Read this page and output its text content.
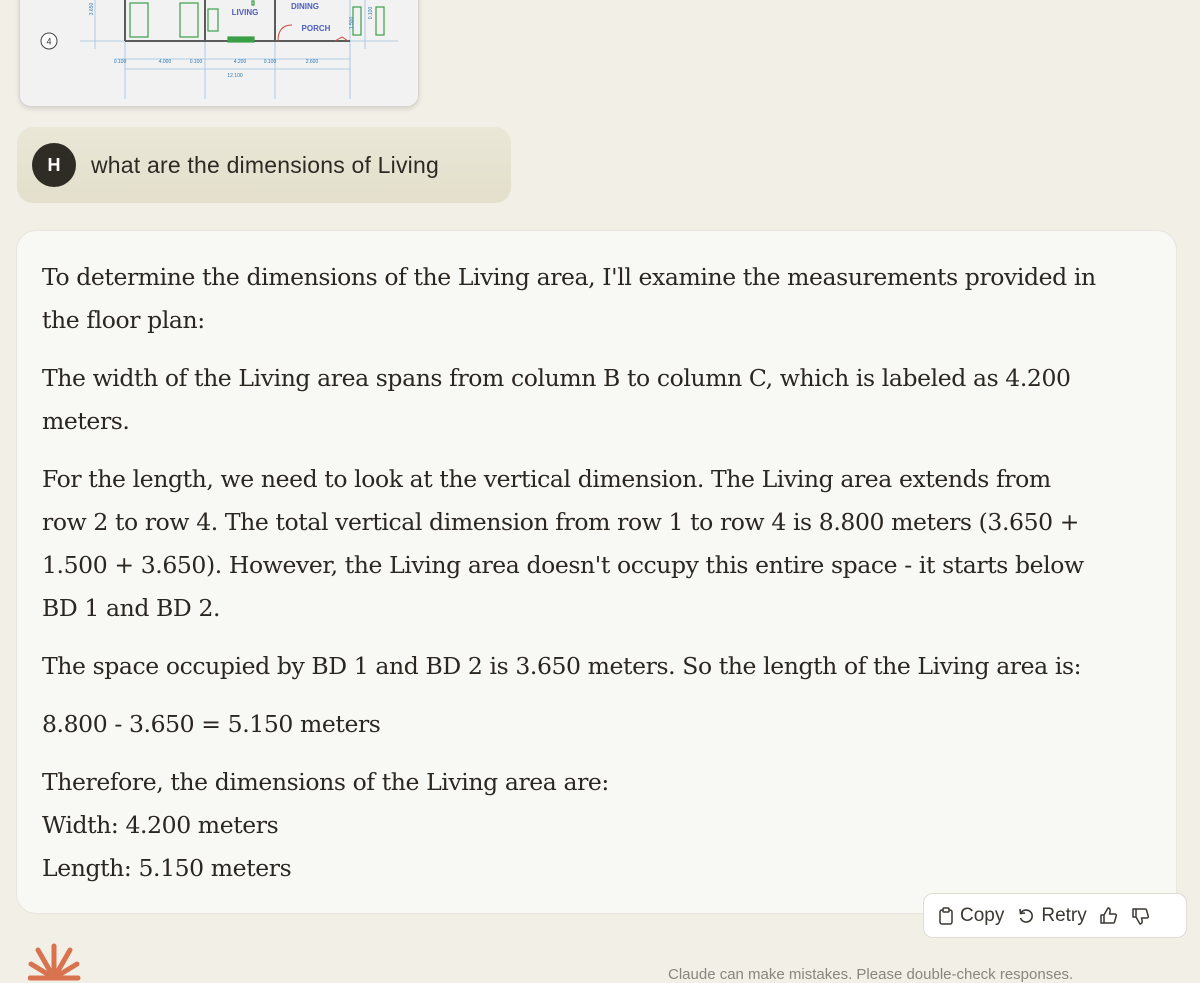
4
LIVING
DINING
PORCH
0.100	4.000	0.100	4.200	0.100	2.600
12.100
3.650
1.500
0.100
H what are the dimensions of Living

To determine the dimensions of the Living area, I'll examine the measurements provided in the floor plan:

The width of the Living area spans from column B to column C, which is labeled as 4.200 meters.

For the length, we need to look at the vertical dimension. The Living area extends from row 2 to row 4. The total vertical dimension from row 1 to row 4 is 8.800 meters (3.650 + 1.500 + 3.650). However, the Living area doesn't occupy this entire space - it starts below BD 1 and BD 2.

The space occupied by BD 1 and BD 2 is 3.650 meters. So the length of the Living area is:

8.800 - 3.650 = 5.150 meters

Therefore, the dimensions of the Living area are:

Width: 4.200 meters

Length: 5.150 meters

Copy Retry
Claude can make mistakes. Please double-check responses.
